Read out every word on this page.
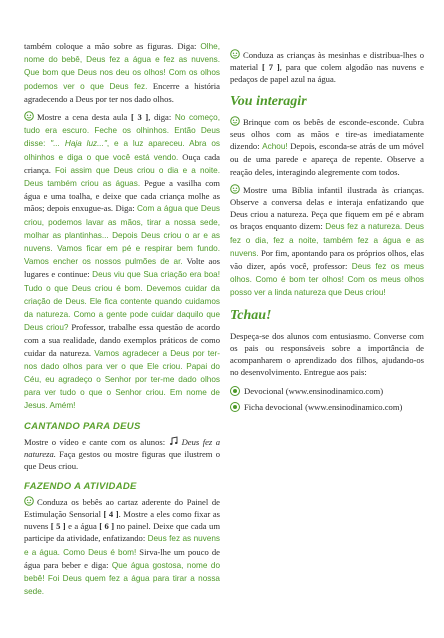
também coloque a mão sobre as figuras. Diga: Olhe, nome do bebê, Deus fez a água e fez as nuvens. Que bom que Deus nos deu os olhos! Com os olhos podemos ver o que Deus fez. Encerre a história agradecendo a Deus por ter nos dado olhos.

Mostre a cena desta aula [ 3 ], diga: No começo, tudo era escuro. Feche os olhinhos. Então Deus disse: "... Haja luz...", e a luz apareceu. Abra os olhinhos e diga o que você está vendo. Ouça cada criança. Foi assim que Deus criou o dia e a noite. Deus também criou as águas. Pegue a vasilha com água e uma toalha, e deixe que cada criança molhe as mãos; depois enxugue-as. Diga: Com a água que Deus criou, podemos lavar as mãos, tirar a nossa sede, molhar as plantinhas... Depois Deus criou o ar e as nuvens. Vamos ficar em pé e respirar bem fundo. Vamos encher os nossos pulmões de ar. Volte aos lugares e continue: Deus viu que Sua criação era boa! Tudo o que Deus criou é bom. Devemos cuidar da criação de Deus. Ele fica contente quando cuidamos da natureza. Como a gente pode cuidar daquilo que Deus criou? Professor, trabalhe essa questão de acordo com a sua realidade, dando exemplos práticos de como cuidar da natureza. Vamos agradecer a Deus por ter-nos dado olhos para ver o que Ele criou. Papai do Céu, eu agradeço o Senhor por ter-me dado olhos para ver tudo o que o Senhor criou. Em nome de Jesus. Amém!

CANTANDO PARA DEUS

Mostre o vídeo e cante com os alunos: Deus fez a natureza. Faça gestos ou mostre figuras que ilustrem o que Deus criou.

FAZENDO A ATIVIDADE

Conduza os bebês ao cartaz aderente do Painel de Estimulação Sensorial [ 4 ]. Mostre a eles como fixar as nuvens [ 5 ] e a água [ 6 ] no painel. Deixe que cada um participe da atividade, enfatizando: Deus fez as nuvens e a água. Como Deus é bom! Sirva-lhe um pouco de água para beber e diga: Que água gostosa, nome do bebê! Foi Deus quem fez a água para tirar a nossa sede.

Conduza as crianças às mesinhas e distribua-lhes o material [ 7 ], para que colem algodão nas nuvens e pedaços de papel azul na água.

Vou interagir

Brinque com os bebês de esconde-esconde. Cubra seus olhos com as mãos e tire-as imediatamente dizendo: Achou! Depois, esconda-se atrás de um móvel ou de uma parede e apareça de repente. Observe a reação deles, interagindo alegremente com todos.

Mostre uma Bíblia infantil ilustrada às crianças. Observe a conversa delas e interaja enfatizando que Deus criou a natureza. Peça que fiquem em pé e abram os braços enquanto dizem: Deus fez a natureza. Deus fez o dia, fez a noite, também fez a água e as nuvens. Por fim, apontando para os próprios olhos, elas vão dizer, após você, professor: Deus fez os meus olhos. Como é bom ter olhos! Com os meus olhos posso ver a linda natureza que Deus criou!

Tchau!

Despeça-se dos alunos com entusiasmo. Converse com os pais ou responsáveis sobre a importância de acompanharem o aprendizado dos filhos, ajudando-os no desenvolvimento. Entregue aos pais:

Devocional (www.ensinodinamico.com)
Ficha devocional (www.ensinodinamico.com)
